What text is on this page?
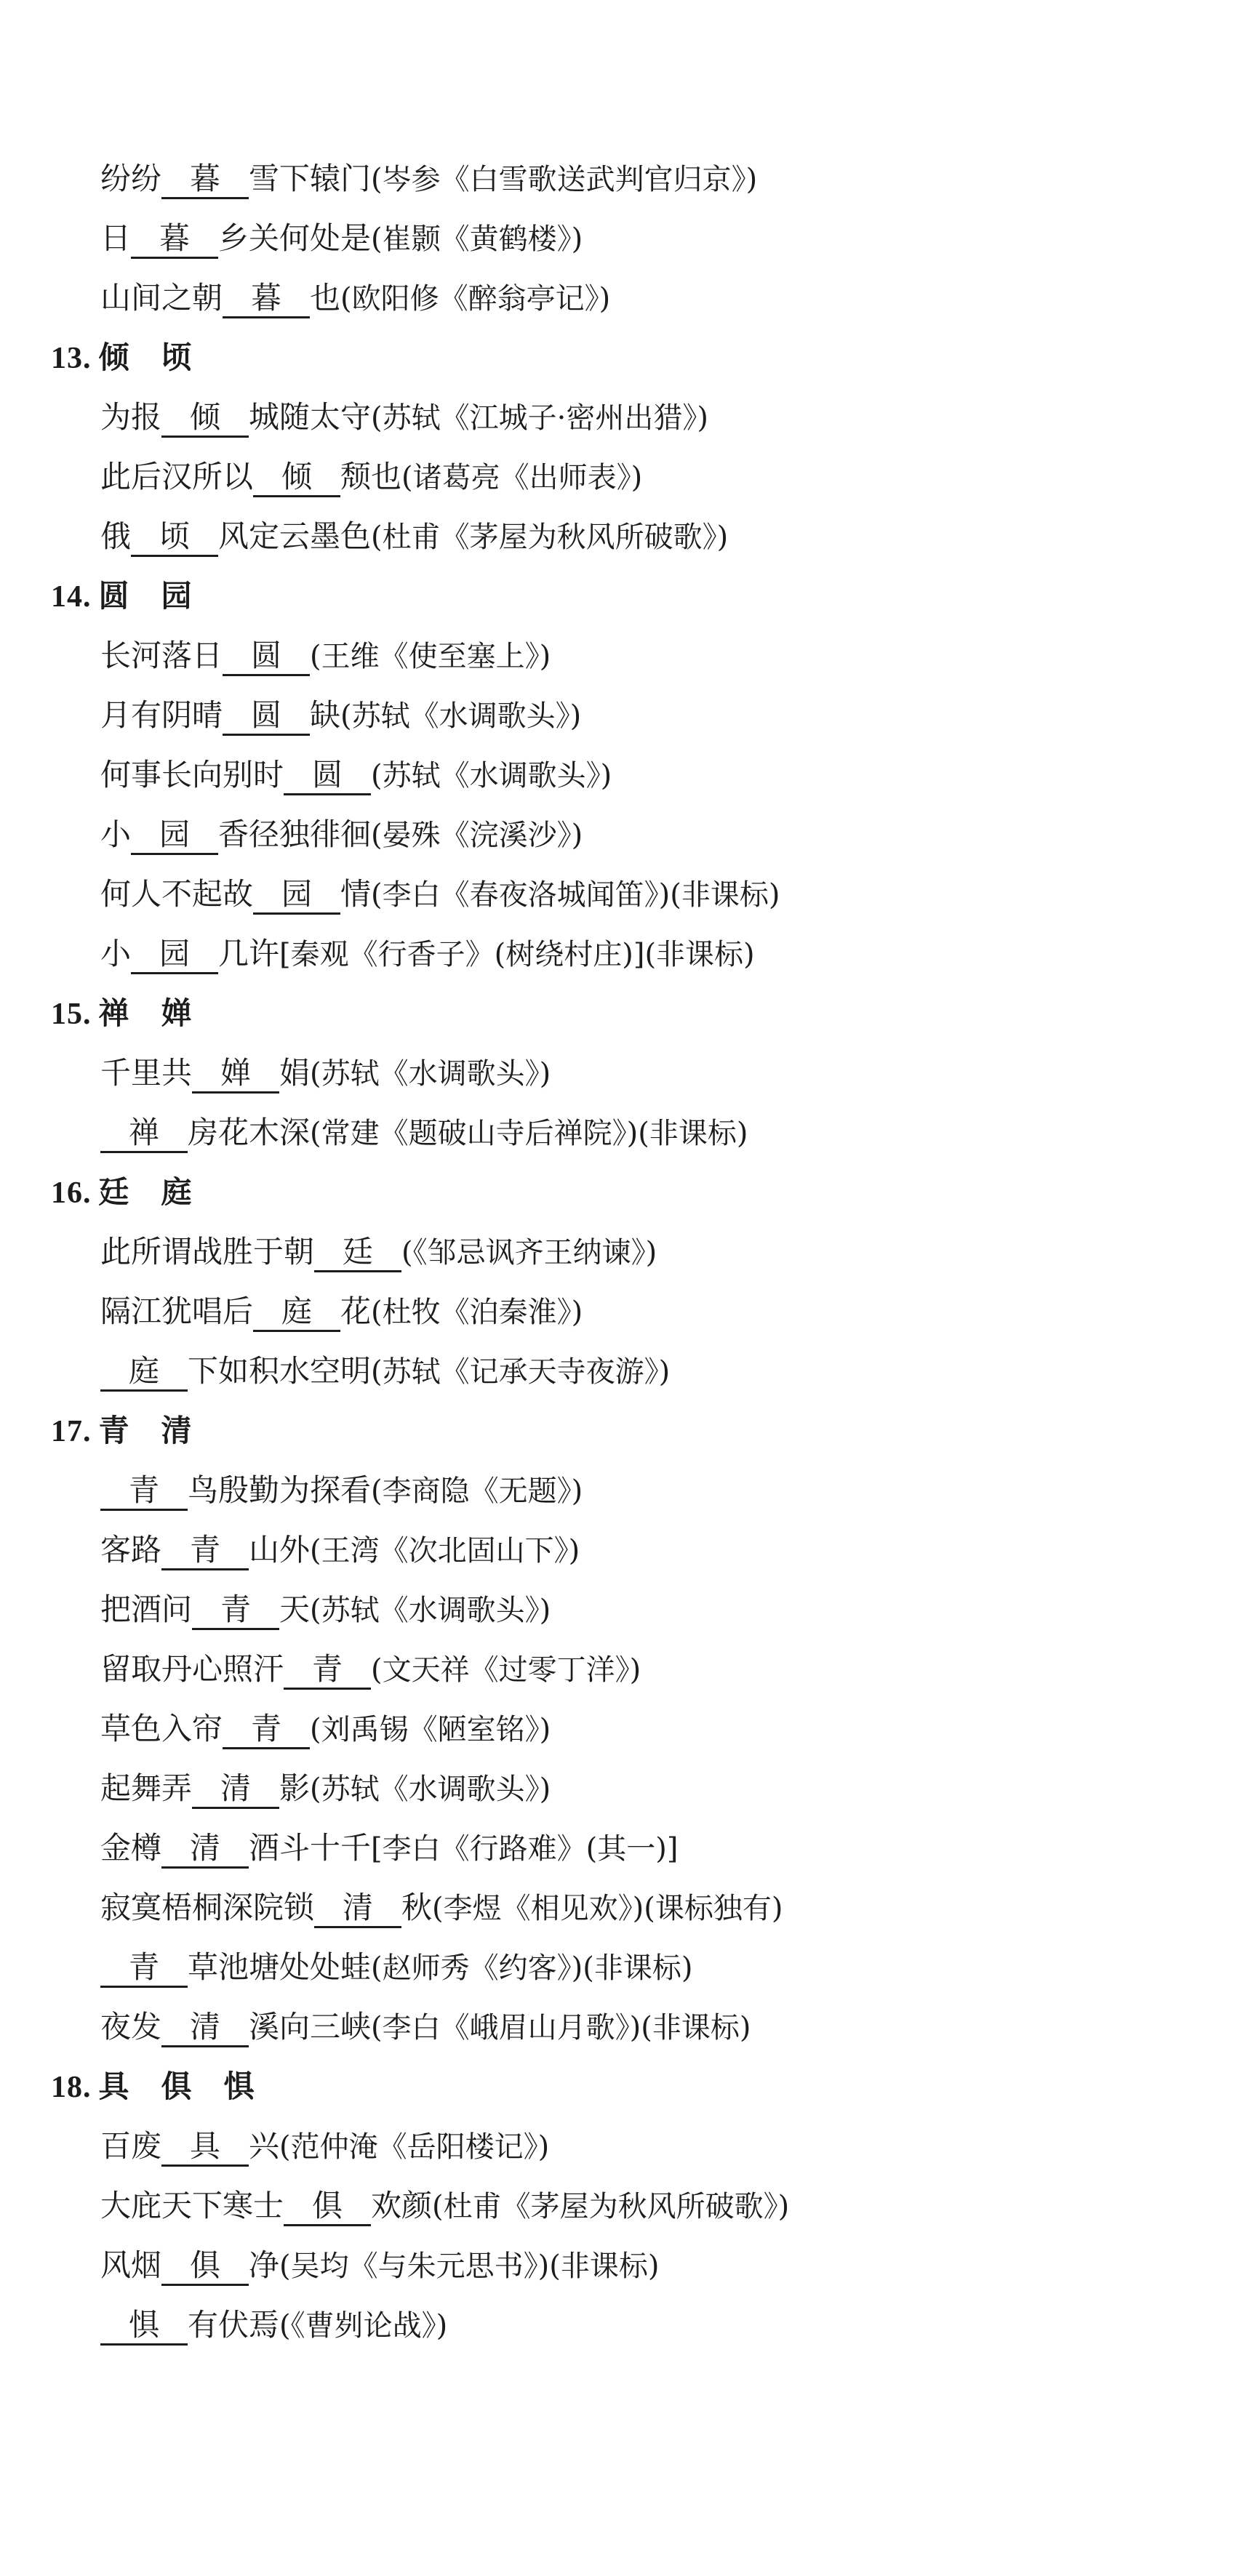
纷纷 暮 雪下辕门(岑参《白雪歌送武判官归京》)
日 暮 乡关何处是(崔颢《黄鹤楼》)
山间之朝 暮 也(欧阳修《醉翁亭记》)
13. 倾　顷
为报 倾 城随太守(苏轼《江城子·密州出猎》)
此后汉所以 倾 颓也(诸葛亮《出师表》)
俄 顷 风定云墨色(杜甫《茅屋为秋风所破歌》)
14. 圆　园
长河落日 圆 (王维《使至塞上》)
月有阴晴 圆 缺(苏轼《水调歌头》)
何事长向别时 圆 (苏轼《水调歌头》)
小 园 香径独徘徊(晏殊《浣溪沙》)
何人不起故 园 情(李白《春夜洛城闻笛》)(非课标)
小 园 几许[秦观《行香子》(树绕村庄)](非课标)
15. 禅　婵
千里共 婵 娟(苏轼《水调歌头》)
禅 房花木深(常建《题破山寺后禅院》)(非课标)
16. 廷　庭
此所谓战胜于朝 廷 (《邹忌讽齐王纳谏》)
隔江犹唱后 庭 花(杜牧《泊秦淮》)
庭 下如积水空明(苏轼《记承天寺夜游》)
17. 青　清
青 鸟殷勤为探看(李商隐《无题》)
客路 青 山外(王湾《次北固山下》)
把酒问 青 天(苏轼《水调歌头》)
留取丹心照汗 青 (文天祥《过零丁洋》)
草色入帘 青 (刘禹锡《陋室铭》)
起舞弄 清 影(苏轼《水调歌头》)
金樽 清 酒斗十千[李白《行路难》(其一)]
寂寞梧桐深院锁 清 秋(李煜《相见欢》)(课标独有)
青 草池塘处处蛙(赵师秀《约客》)(非课标)
夜发 清 溪向三峡(李白《峨眉山月歌》)(非课标)
18. 具　俱　惧
百废 具 兴(范仲淹《岳阳楼记》)
大庇天下寒士 俱 欢颜(杜甫《茅屋为秋风所破歌》)
风烟 俱 净(吴均《与朱元思书》)(非课标)
惧 有伏焉(《曹刿论战》)
